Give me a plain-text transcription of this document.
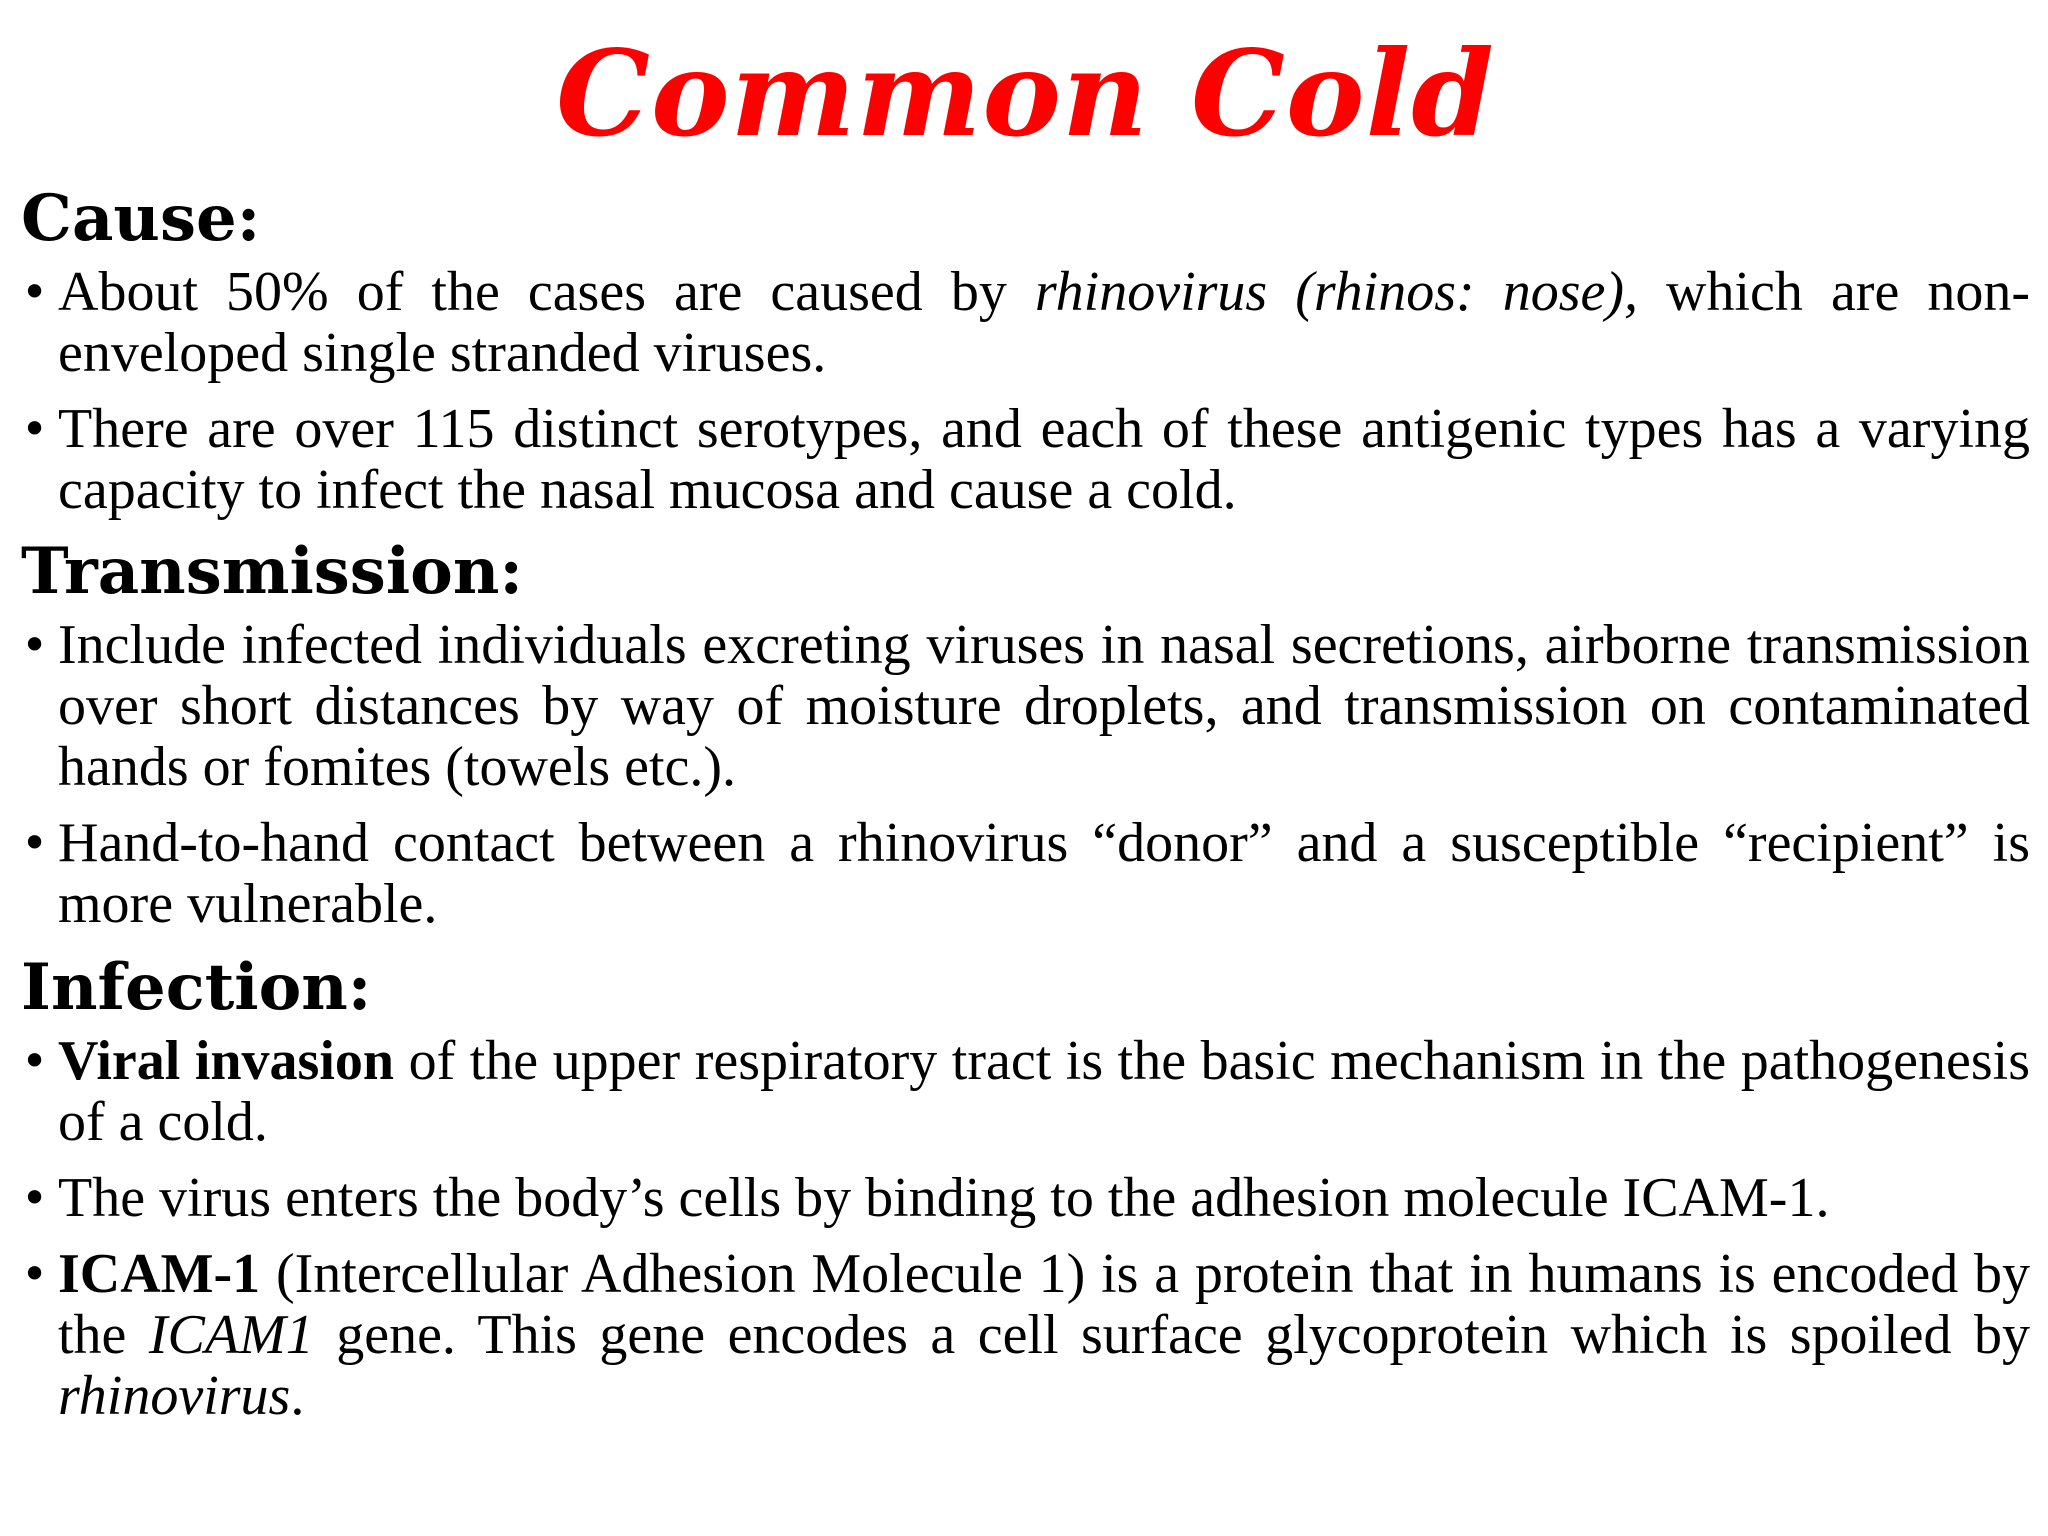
Common Cold
Cause:
• About 50% of the cases are caused by rhinovirus (rhinos: nose), which are non-enveloped single stranded viruses.
• There are over 115 distinct serotypes, and each of these antigenic types has a varying capacity to infect the nasal mucosa and cause a cold.
Transmission:
• Include infected individuals excreting viruses in nasal secretions, airborne transmission over short distances by way of moisture droplets, and transmission on contaminated hands or fomites (towels etc.).
• Hand-to-hand contact between a rhinovirus “donor” and a susceptible “recipient” is more vulnerable.
Infection:
• Viral invasion of the upper respiratory tract is the basic mechanism in the pathogenesis of a cold.
• The virus enters the body’s cells by binding to the adhesion molecule ICAM-1.
• ICAM-1 (Intercellular Adhesion Molecule 1) is a protein that in humans is encoded by the ICAM1 gene. This gene encodes a cell surface glycoprotein which is spoiled by rhinovirus.
